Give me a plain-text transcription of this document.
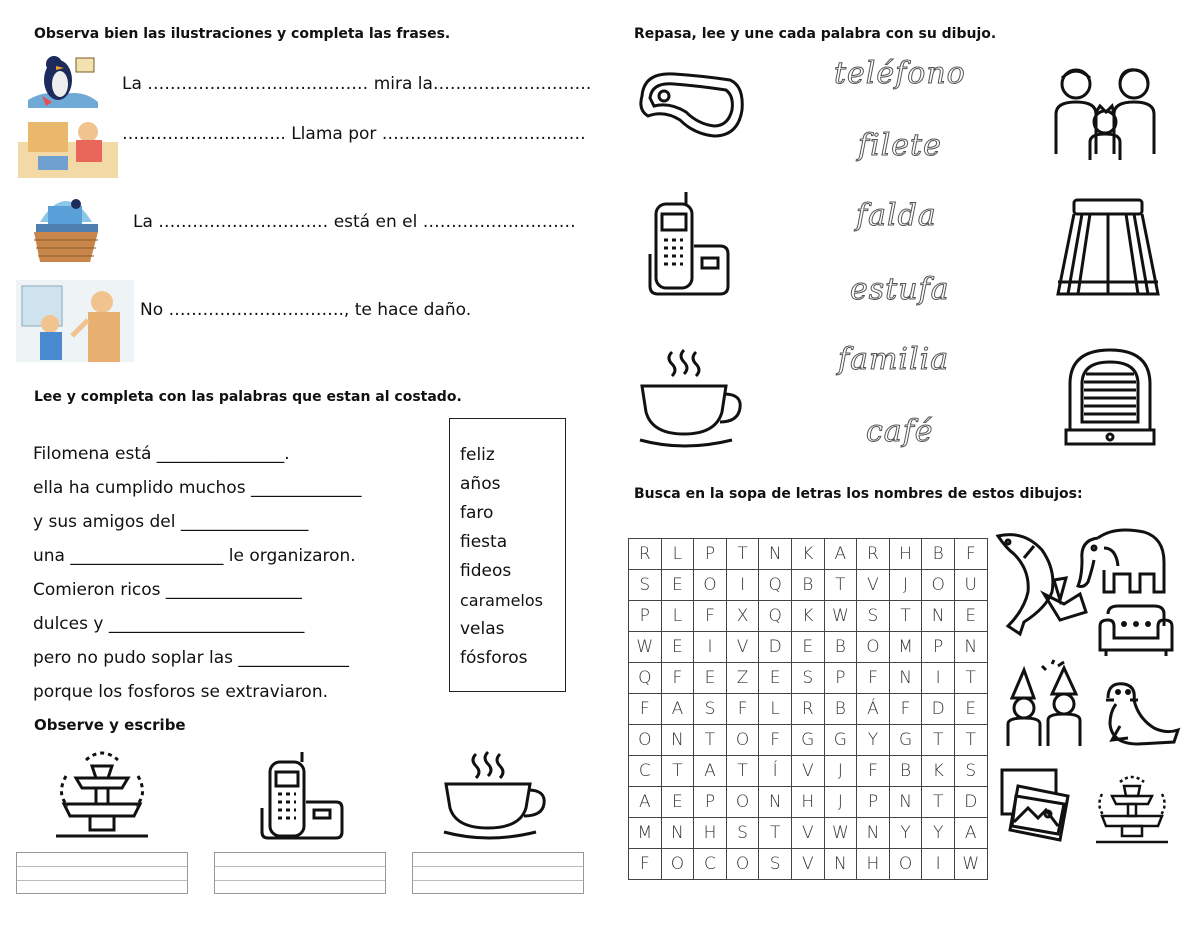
Observa bien las ilustraciones y completa las frases.
La ………………………………… mira la……………………….
……………………….. Llama por ………………………………
La ………………………… está en el ………………………
No …………………………., te hace daño.
Lee y completa con las palabras que estan al costado.
Filomena está _______________.
ella ha cumplido muchos _____________
y sus amigos del _______________
una __________________ le organizaron.
Comieron ricos ________________
dulces y _______________________
pero no pudo soplar las _____________
porque los fosforos se extraviaron.
feliz
años
faro
fiesta
fideos
caramelos
velas
fósforos
Observe y escribe
Repasa, lee y une cada palabra con su dibujo.
teléfono
filete
falda
estufa
familia
café
Busca en la sopa de letras los nombres de estos dibujos:
R	L	P	T	N	K	A	R	H	B	F
S	E	O	I	Q	B	T	V	J	O	U
P	L	F	X	Q	K	W	S	T	N	E
W	E	I	V	D	E	B	O	M	P	N
Q	F	E	Z	E	S	P	F	N	I	T
F	A	S	F	L	R	B	Á	F	D	E
O	N	T	O	F	G	G	Y	G	T	T
C	T	A	T	Í	V	J	F	B	K	S
A	E	P	O	N	H	J	P	N	T	D
M	N	H	S	T	V	W	N	Y	Y	A
F	O	C	O	S	V	N	H	O	I	W
